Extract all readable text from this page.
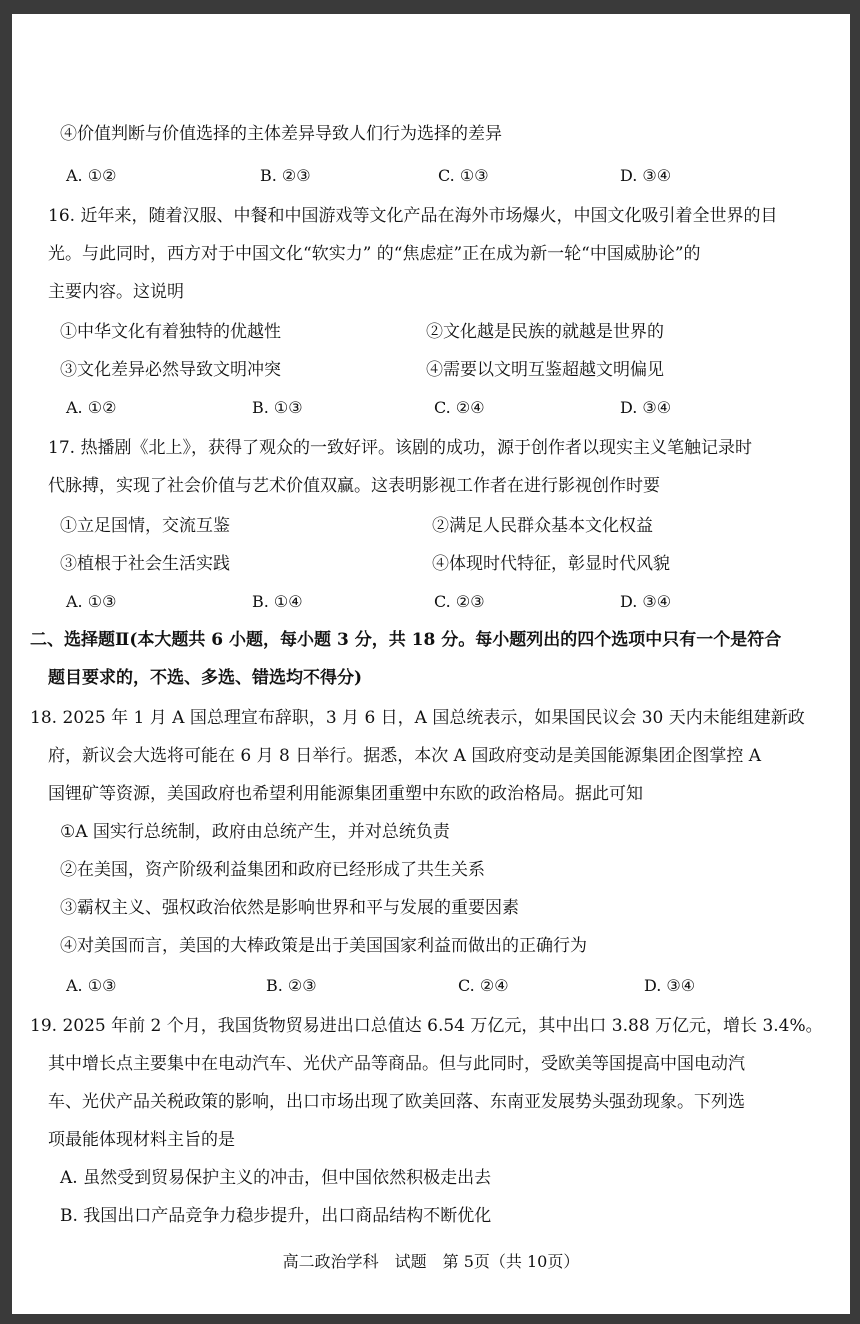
④价值判断与价值选择的主体差异导致人们行为选择的差异
A. ①②	B. ②③	C. ①③	D. ③④
16. 近年来，随着汉服、中餐和中国游戏等文化产品在海外市场爆火，中国文化吸引着全世界的目
光。与此同时，西方对于中国文化“软实力” 的“焦虑症”正在成为新一轮“中国威胁论”的
主要内容。这说明
①中华文化有着独特的优越性	②文化越是民族的就越是世界的
③文化差异必然导致文明冲突	④需要以文明互鉴超越文明偏见
A. ①②	B. ①③	C. ②④	D. ③④
17. 热播剧《北上》，获得了观众的一致好评。该剧的成功，源于创作者以现实主义笔触记录时
代脉搏，实现了社会价值与艺术价值双赢。这表明影视工作者在进行影视创作时要
①立足国情，交流互鉴	②满足人民群众基本文化权益
③植根于社会生活实践	④体现时代特征，彰显时代风貌
A. ①③	B. ①④	C. ②③	D. ③④
二、选择题Ⅱ(本大题共 6 小题，每小题 3 分，共 18 分。每小题列出的四个选项中只有一个是符合
题目要求的，不选、多选、错选均不得分)
18. 2025 年 1 月 A 国总理宣布辞职，3 月 6 日，A 国总统表示，如果国民议会 30 天内未能组建新政
府，新议会大选将可能在 6 月 8 日举行。据悉，本次 A 国政府变动是美国能源集团企图掌控 A
国锂矿等资源，美国政府也希望利用能源集团重塑中东欧的政治格局。据此可知
①A 国实行总统制，政府由总统产生，并对总统负责
②在美国，资产阶级利益集团和政府已经形成了共生关系
③霸权主义、强权政治依然是影响世界和平与发展的重要因素
④对美国而言，美国的大棒政策是出于美国国家利益而做出的正确行为
A. ①③	B. ②③	C. ②④	D. ③④
19. 2025 年前 2 个月，我国货物贸易进出口总值达 6.54 万亿元，其中出口 3.88 万亿元，增长 3.4%。
其中增长点主要集中在电动汽车、光伏产品等商品。但与此同时，受欧美等国提高中国电动汽
车、光伏产品关税政策的影响，出口市场出现了欧美回落、东南亚发展势头强劲现象。下列选
项最能体现材料主旨的是
A. 虽然受到贸易保护主义的冲击，但中国依然积极走出去
B. 我国出口产品竞争力稳步提升，出口商品结构不断优化
高二政治学科　试题　第 5页（共 10页）
